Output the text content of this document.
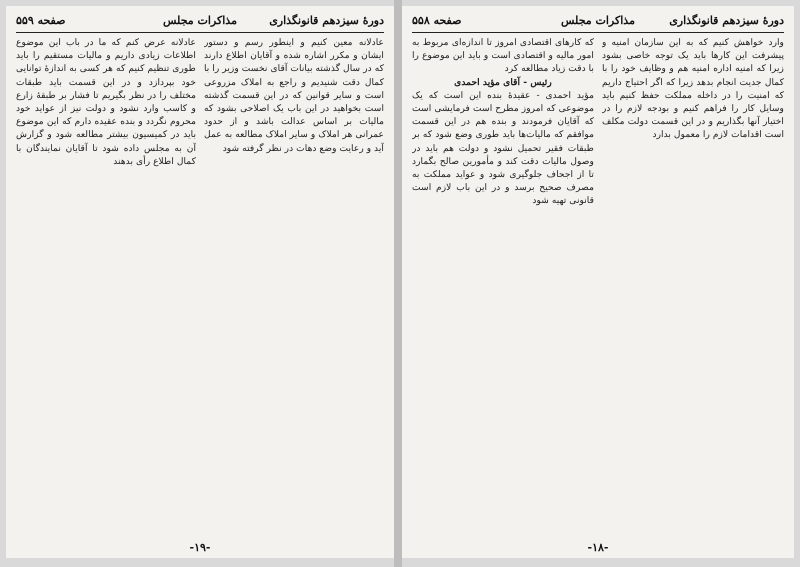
دورهٔ سیزدهم قانونگذاری
مذاکرات مجلس
صفحه ۵۵۹

عادلانه معین کنیم و اینطور رسم و دستور ایشان و مکرر اشاره شده و آقایان اطلاع دارند که در سال گذشته بیانات آقای نخست وزیر را با کمال دقت شنیدیم و راجع به املاک مزروعی است و سایر قوانین که در این قسمت گذشته است بخواهید در این باب یک اصلاحی بشود که مالیات بر اساس عدالت باشد و از حدود عمرانی هر املاک و سایر املاک مطالعه به عمل آید و رعایت وضع دهات در نظر گرفته شود

عادلانه عرض کنم که ما در باب این موضوع اطلاعات زیادی داریم و مالیات مستقیم را باید طوری تنظیم کنیم که هر کسی به اندازهٔ توانایی خود بپردازد و در این قسمت باید طبقات مختلف را در نظر بگیریم تا فشار بر طبقهٔ زارع و کاسب وارد نشود و دولت نیز از عواید خود محروم نگردد و بنده عقیده دارم که این موضوع باید در کمیسیون بیشتر مطالعه شود و گزارش آن به مجلس داده شود تا آقایان نمایندگان با کمال اطلاع رأی بدهند

-۱۹-
دورهٔ سیزدهم قانونگذاری
مذاکرات مجلس
صفحه ۵۵۸

وارد خواهش کنیم که به این سازمان امنیه و پیشرفت این کارها باید یک توجه خاصی بشود زیرا که امنیه اداره امنیه هم و وظایف خود را با کمال جدیت انجام بدهد زیرا که اگر احتیاج داریم که امنیت را در داخله مملکت حفظ کنیم باید وسایل کار را فراهم کنیم و بودجه لازم را در اختیار آنها بگذاریم و در این قسمت دولت مکلف است اقدامات لازم را معمول بدارد

که کارهای اقتصادی امروز تا اندازه‌ای مربوط به امور مالیه و اقتصادی است و باید این موضوع را با دقت زیاد مطالعه کرد

رئیس - آقای مؤید احمدی

مؤید احمدی - عقیدهٔ بنده این است که یک موضوعی که امروز مطرح است فرمایشی است که آقایان فرمودند و بنده هم در این قسمت موافقم که مالیات‌ها باید طوری وضع شود که بر طبقات فقیر تحمیل نشود و دولت هم باید در وصول مالیات دقت کند و مأمورین صالح بگمارد تا از اجحاف جلوگیری شود و عواید مملکت به مصرف صحیح برسد و در این باب لازم است قانونی تهیه شود

-۱۸-
